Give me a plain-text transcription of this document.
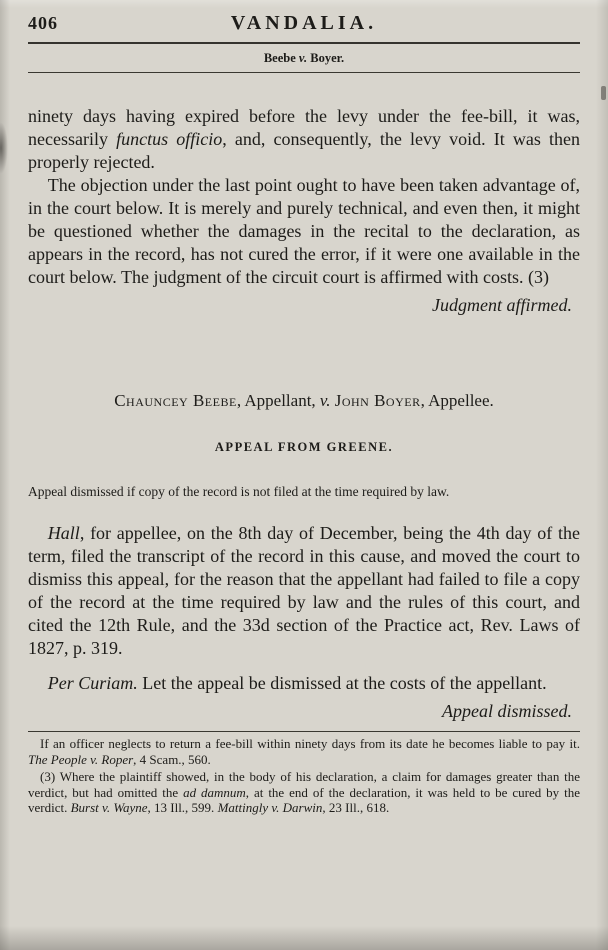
406	VANDALIA.
Beebe v. Boyer.

ninety days having expired before the levy under the fee-bill, it was, necessarily functus officio, and, consequently, the levy void. It was then properly rejected.

The objection under the last point ought to have been taken advantage of, in the court below. It is merely and purely technical, and even then, it might be questioned whether the damages in the recital to the declaration, as appears in the record, has not cured the error, if it were one available in the court below. The judgment of the circuit court is affirmed with costs. (3)

Judgment affirmed.

Chauncey Beebe, Appellant, v. John Boyer, Appellee.
APPEAL FROM GREENE.

Appeal dismissed if copy of the record is not filed at the time required by law.

Hall, for appellee, on the 8th day of December, being the 4th day of the term, filed the transcript of the record in this cause, and moved the court to dismiss this appeal, for the reason that the appellant had failed to file a copy of the record at the time required by law and the rules of this court, and cited the 12th Rule, and the 33d section of the Practice act, Rev. Laws of 1827, p. 319.

Per Curiam. Let the appeal be dismissed at the costs of the appellant.

Appeal dismissed.

If an officer neglects to return a fee-bill within ninety days from its date he becomes liable to pay it. The People v. Roper, 4 Scam., 560.

(3) Where the plaintiff showed, in the body of his declaration, a claim for damages greater than the verdict, but had omitted the ad damnum, at the end of the declaration, it was held to be cured by the verdict. Burst v. Wayne, 13 Ill., 599. Mattingly v. Darwin, 23 Ill., 618.
